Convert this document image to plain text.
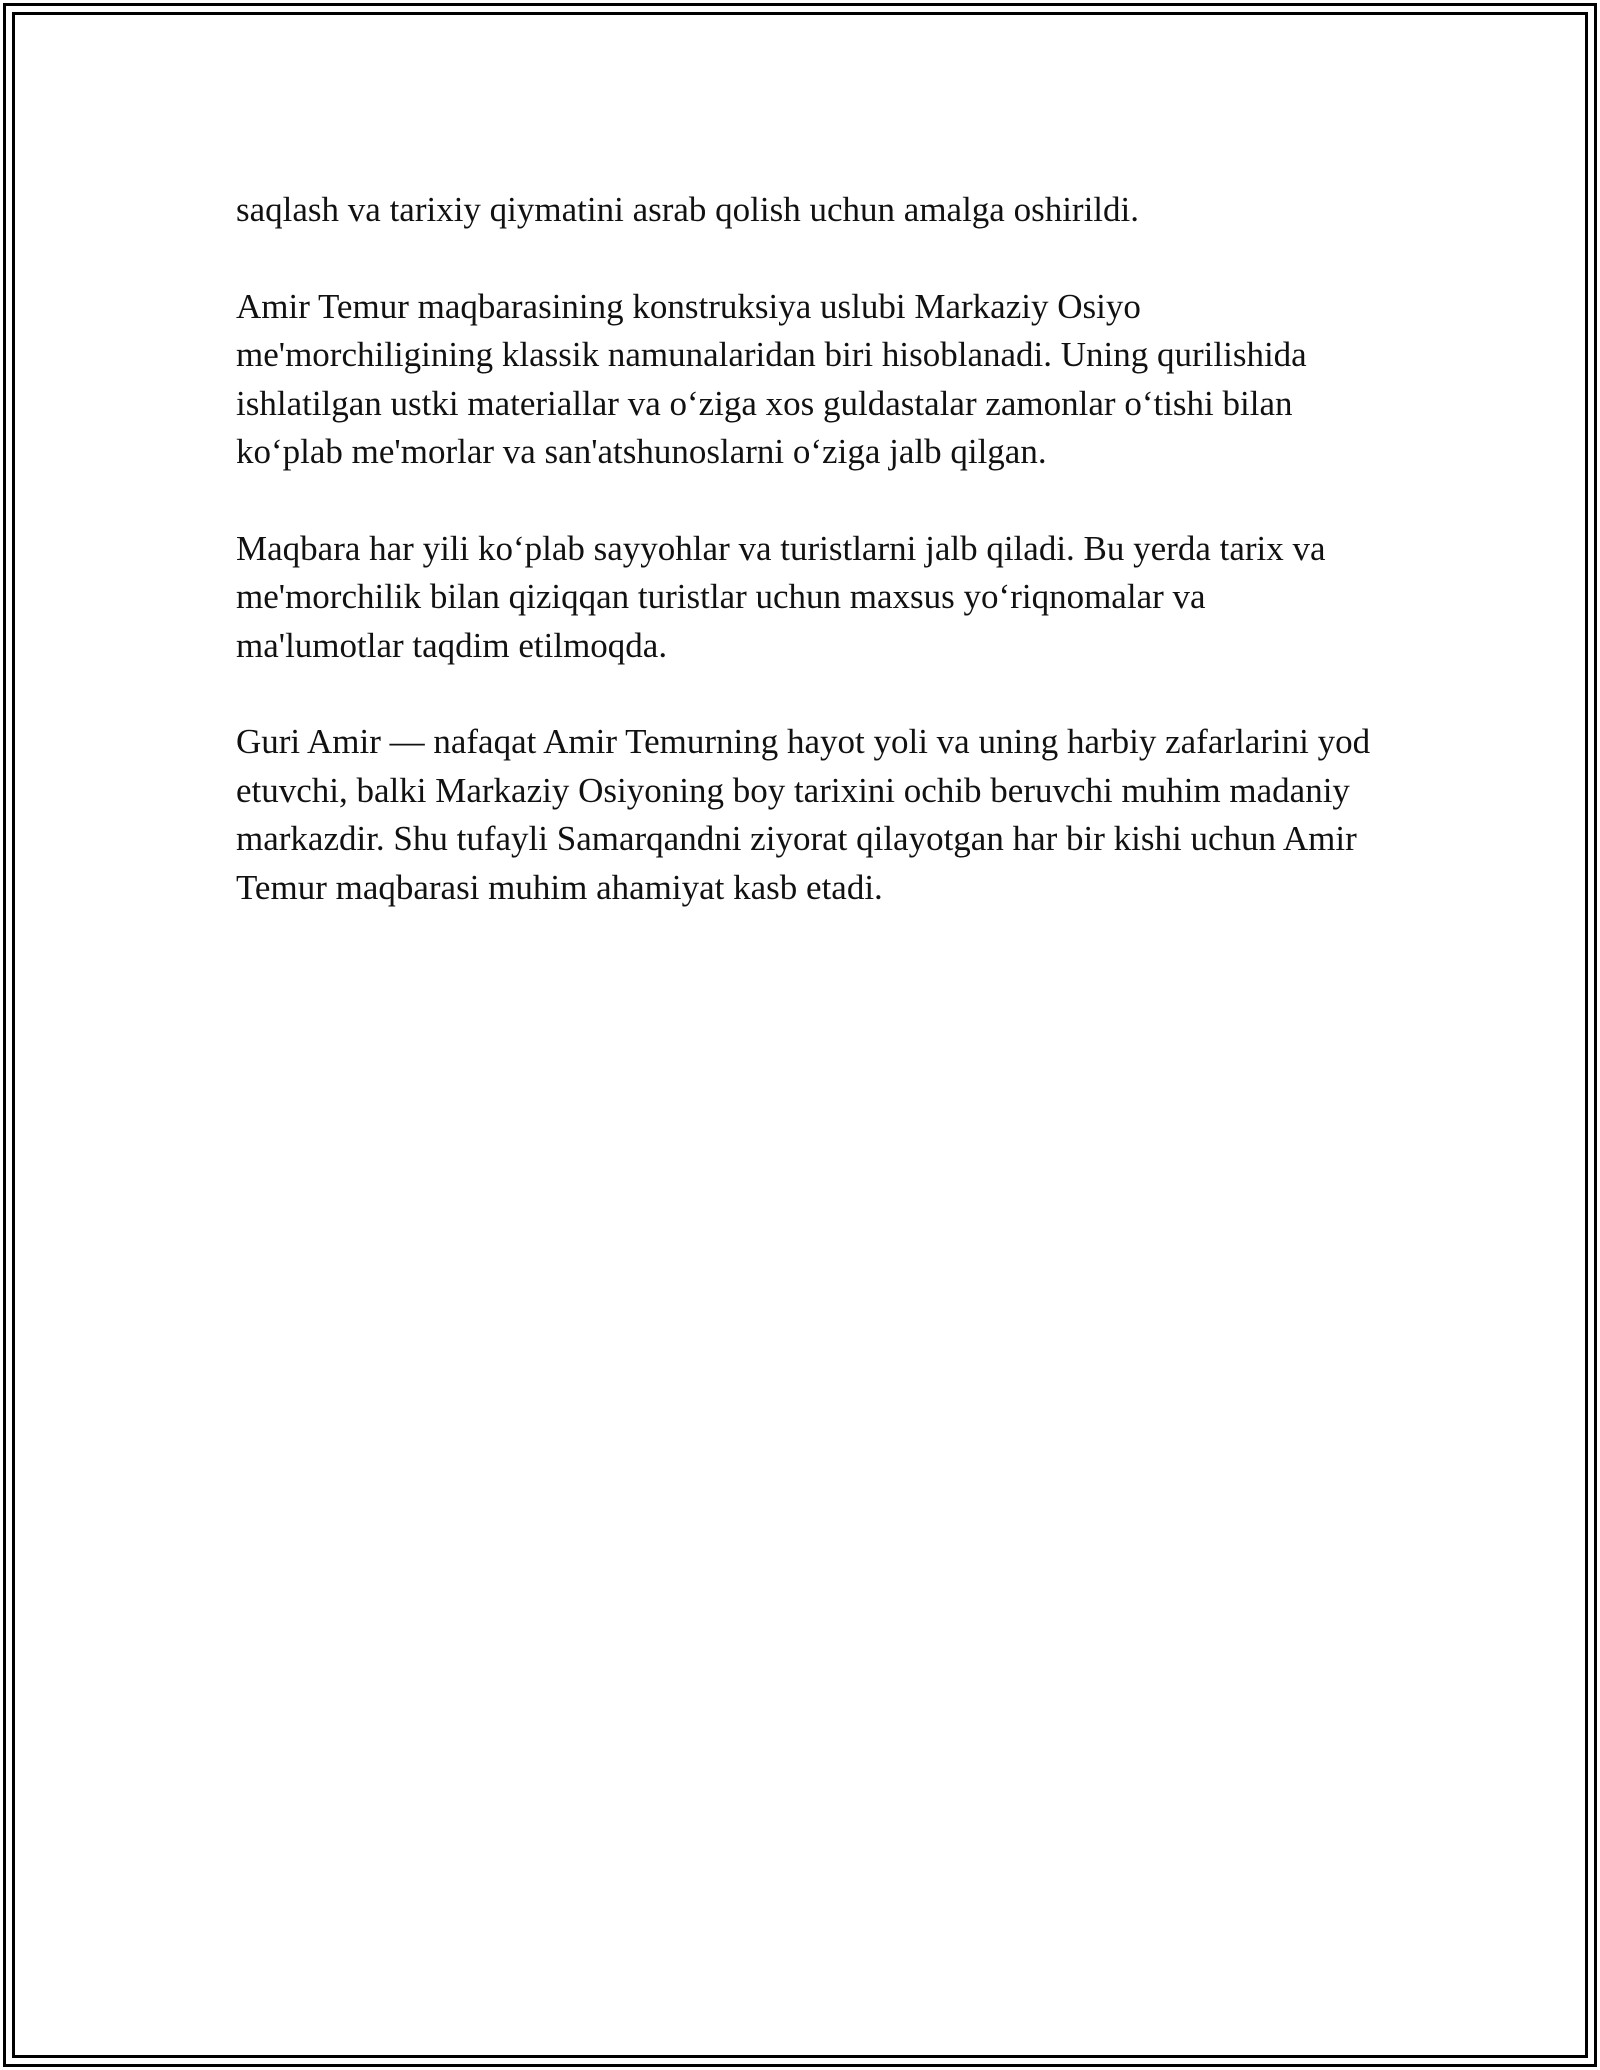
saqlash va tarixiy qiymatini asrab qolish uchun amalga oshirildi.

Amir Temur maqbarasining konstruksiya uslubi Markaziy Osiyo me'morchiligining klassik namunalaridan biri hisoblanadi. Uning qurilishida ishlatilgan ustki materiallar va o‘ziga xos guldastalar zamonlar o‘tishi bilan ko‘plab me'morlar va san'atshunoslarni o‘ziga jalb qilgan.

Maqbara har yili ko‘plab sayyohlar va turistlarni jalb qiladi. Bu yerda tarix va me'morchilik bilan qiziqqan turistlar uchun maxsus yo‘riqnomalar va ma'lumotlar taqdim etilmoqda.

Guri Amir — nafaqat Amir Temurning hayot yoli va uning harbiy zafarlarini yod etuvchi, balki Markaziy Osiyoning boy tarixini ochib beruvchi muhim madaniy markazdir. Shu tufayli Samarqandni ziyorat qilayotgan har bir kishi uchun Amir Temur maqbarasi muhim ahamiyat kasb etadi.
